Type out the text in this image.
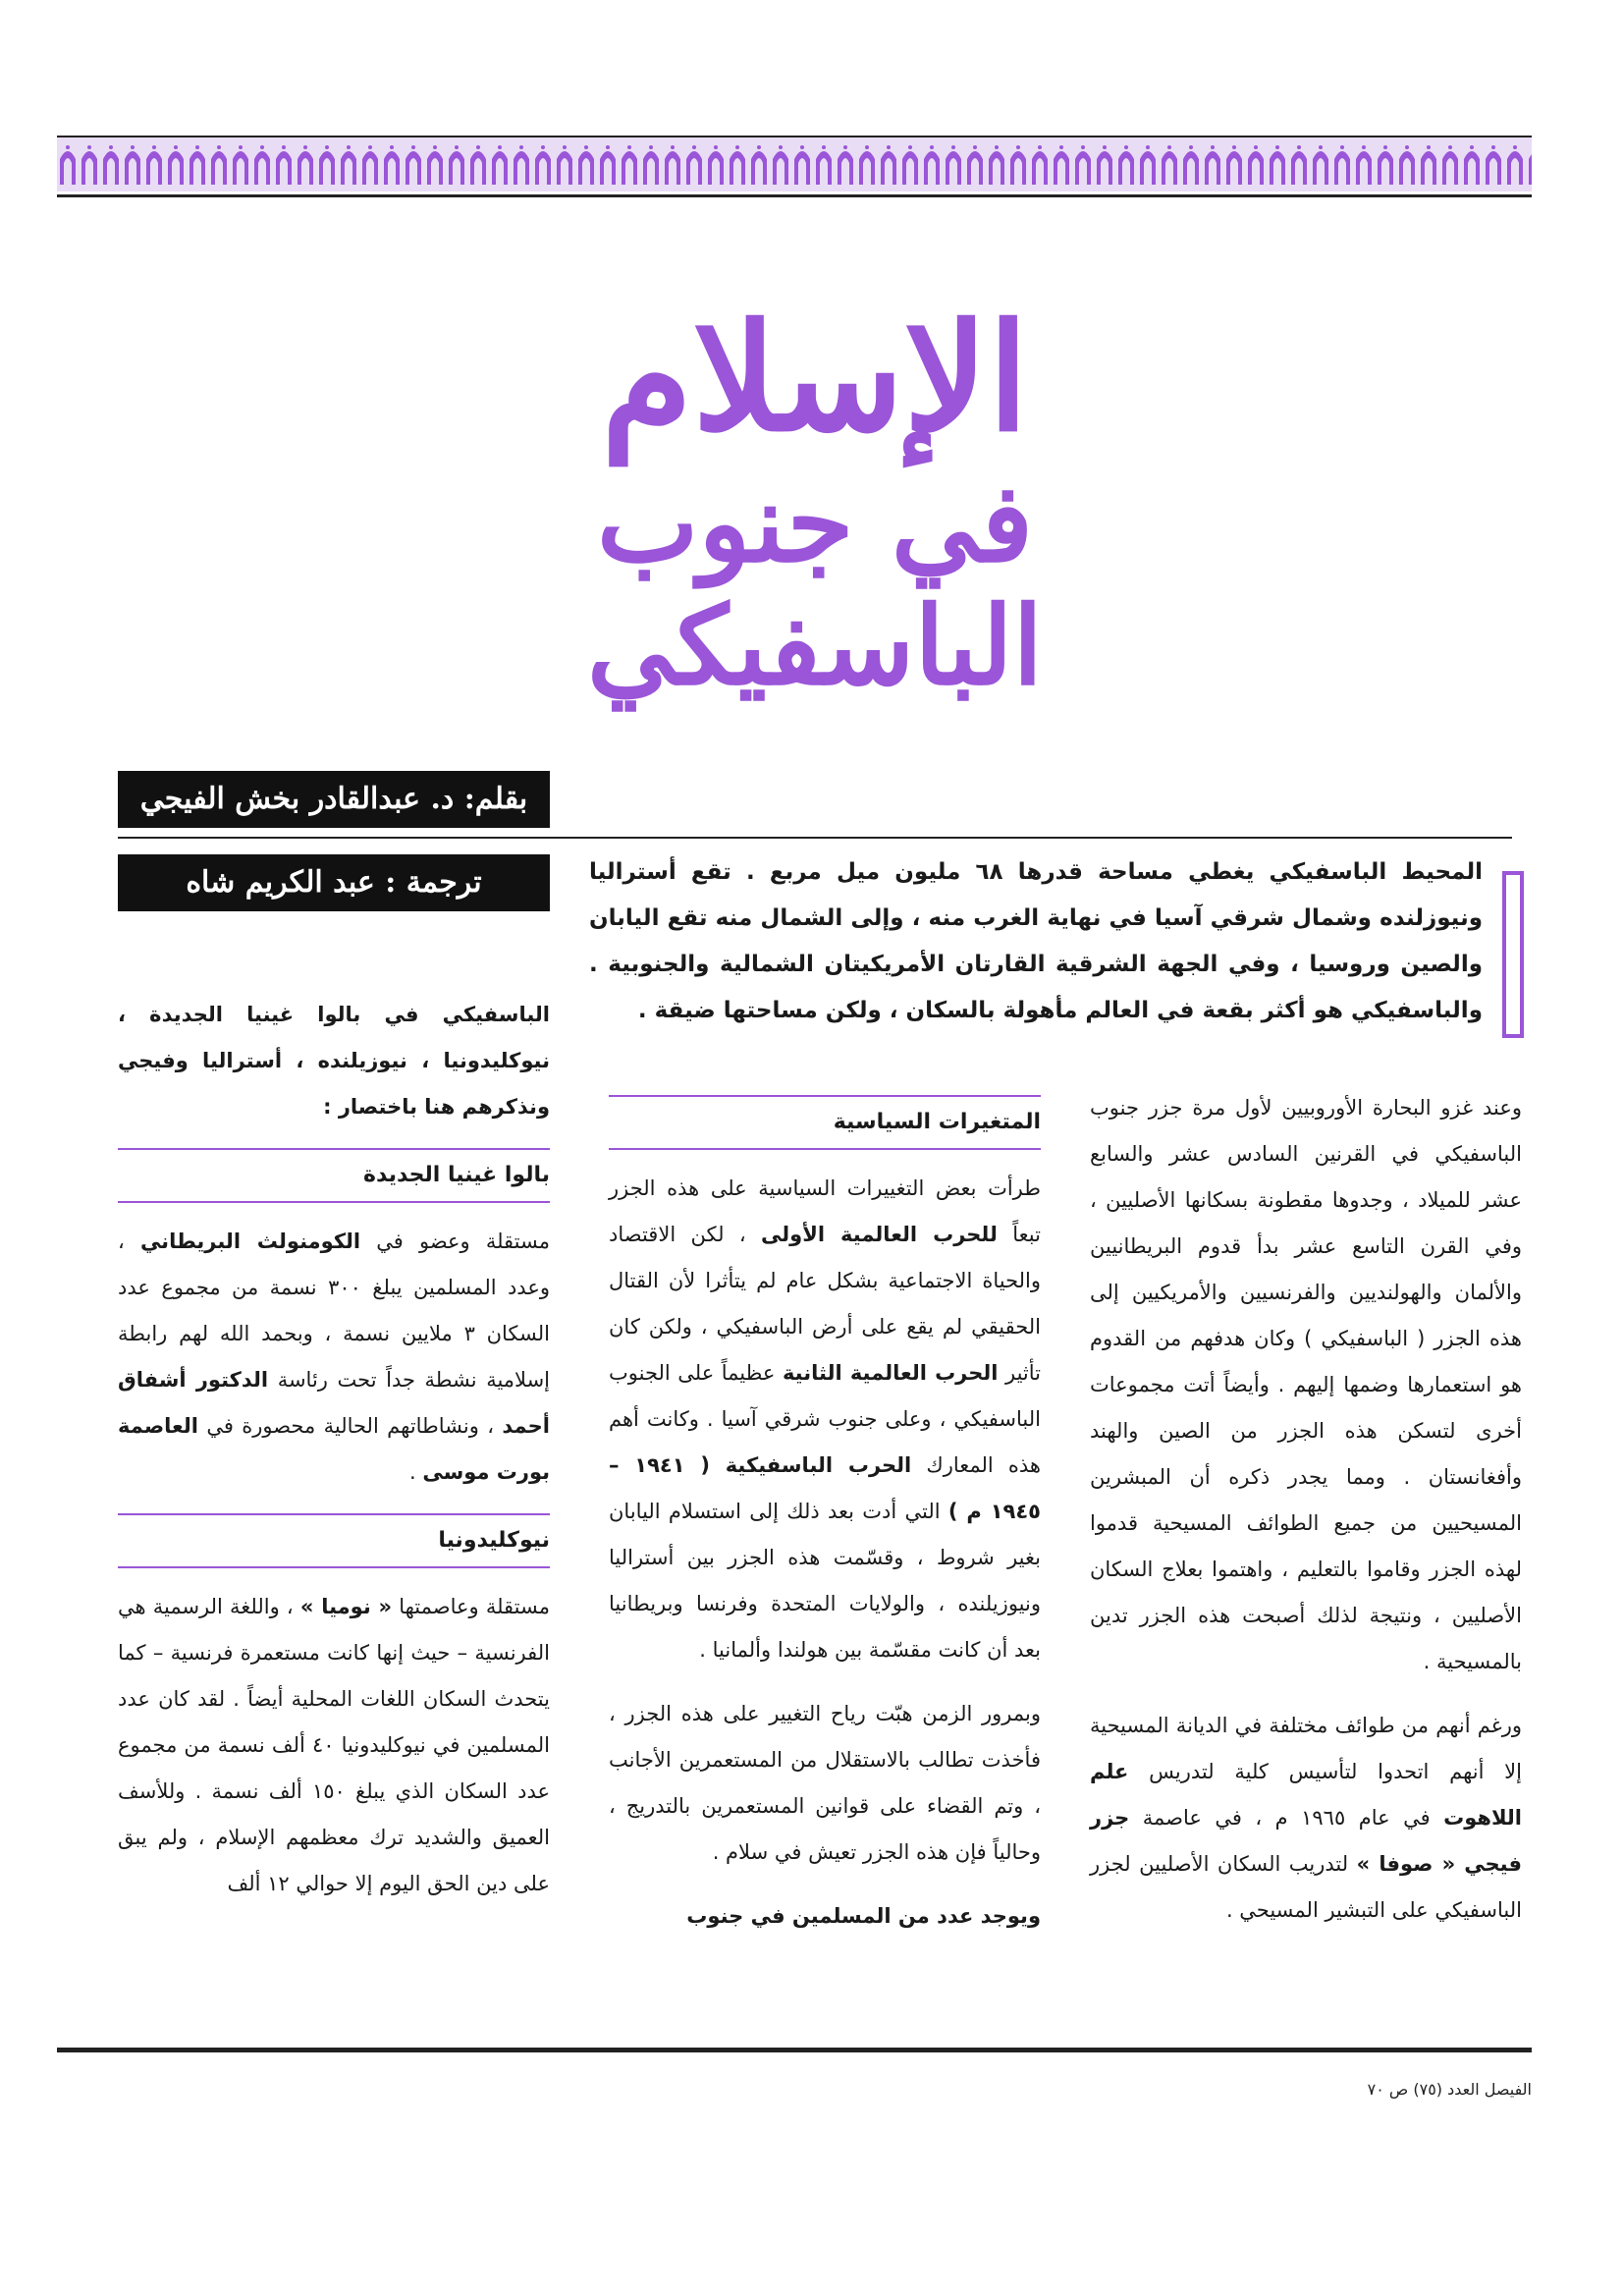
الإسلام
في جنوب
الباسفيكي
بقلم: د. عبدالقادر بخش الفيجي
ترجمة : عبد الكريم شاه	المحيط الباسفيكي يغطي مساحة قدرها ٦٨ مليون ميل مربع . تقع أستراليا ونيوزلنده وشمال شرقي آسيا في نهاية الغرب منه ، وإلى الشمال منه تقع اليابان والصين وروسيا ، وفي الجهة الشرقية القارتان الأمريكيتان الشمالية والجنوبية . والباسفيكي هو أكثر بقعة في العالم مأهولة بالسكان ، ولكن مساحتها ضيقة .

وعند غزو البحارة الأوروبيين لأول مرة جزر جنوب الباسفيكي في القرنين السادس عشر والسابع عشر للميلاد ، وجدوها مقطونة بسكانها الأصليين ، وفي القرن التاسع عشر بدأ قدوم البريطانيين والألمان والهولنديين والفرنسيين والأمريكيين إلى هذه الجزر ( الباسفيكي ) وكان هدفهم من القدوم هو استعمارها وضمها إليهم . وأيضاً أتت مجموعات أخرى لتسكن هذه الجزر من الصين والهند وأفغانستان . ومما يجدر ذكره أن المبشرين المسيحيين من جميع الطوائف المسيحية قدموا لهذه الجزر وقاموا بالتعليم ، واهتموا بعلاج السكان الأصليين ، ونتيجة لذلك أصبحت هذه الجزر تدين بالمسيحية .

ورغم أنهم من طوائف مختلفة في الديانة المسيحية إلا أنهم اتحدوا لتأسيس كلية لتدريس علم اللاهوت في عام ١٩٦٥ م ، في عاصمة جزر فيجي « صوفا » لتدريب السكان الأصليين لجزر الباسفيكي على التبشير المسيحي .

المتغيرات السياسية

طرأت بعض التغييرات السياسية على هذه الجزر تبعاً للحرب العالمية الأولى ، لكن الاقتصاد والحياة الاجتماعية بشكل عام لم يتأثرا لأن القتال الحقيقي لم يقع على أرض الباسفيكي ، ولكن كان تأثير الحرب العالمية الثانية عظيماً على الجنوب الباسفيكي ، وعلى جنوب شرقي آسيا . وكانت أهم هذه المعارك الحرب الباسفيكية ( ١٩٤١ – ١٩٤٥ م ) التي أدت بعد ذلك إلى استسلام اليابان بغير شروط ، وقسّمت هذه الجزر بين أستراليا ونيوزيلنده ، والولايات المتحدة وفرنسا وبريطانيا بعد أن كانت مقسّمة بين هولندا وألمانيا .

وبمرور الزمن هبّت رياح التغيير على هذه الجزر ، فأخذت تطالب بالاستقلال من المستعمرين الأجانب ، وتم القضاء على قوانين المستعمرين بالتدريج ، وحالياً فإن هذه الجزر تعيش في سلام .

ويوجد عدد من المسلمين في جنوب

الباسفيكي في بالوا غينيا الجديدة ، نيوكليدونيا ، نيوزيلنده ، أستراليا وفيجي ونذكرهم هنا باختصار :

بالوا غينيا الجديدة

مستقلة وعضو في الكومنولث البريطاني ، وعدد المسلمين يبلغ ٣٠٠ نسمة من مجموع عدد السكان ٣ ملايين نسمة ، وبحمد الله لهم رابطة إسلامية نشطة جداً تحت رئاسة الدكتور أشفاق أحمد ، ونشاطاتهم الحالية محصورة في العاصمة بورت موسى .

نيوكليدونيا

مستقلة وعاصمتها « نوميا » ، واللغة الرسمية هي الفرنسية – حيث إنها كانت مستعمرة فرنسية – كما يتحدث السكان اللغات المحلية أيضاً . لقد كان عدد المسلمين في نيوكليدونيا ٤٠ ألف نسمة من مجموع عدد السكان الذي يبلغ ١٥٠ ألف نسمة . وللأسف العميق والشديد ترك معظمهم الإسلام ، ولم يبق على دين الحق اليوم إلا حوالي ١٢ ألف

الفيصل العدد (٧٥) ص ٧٠
